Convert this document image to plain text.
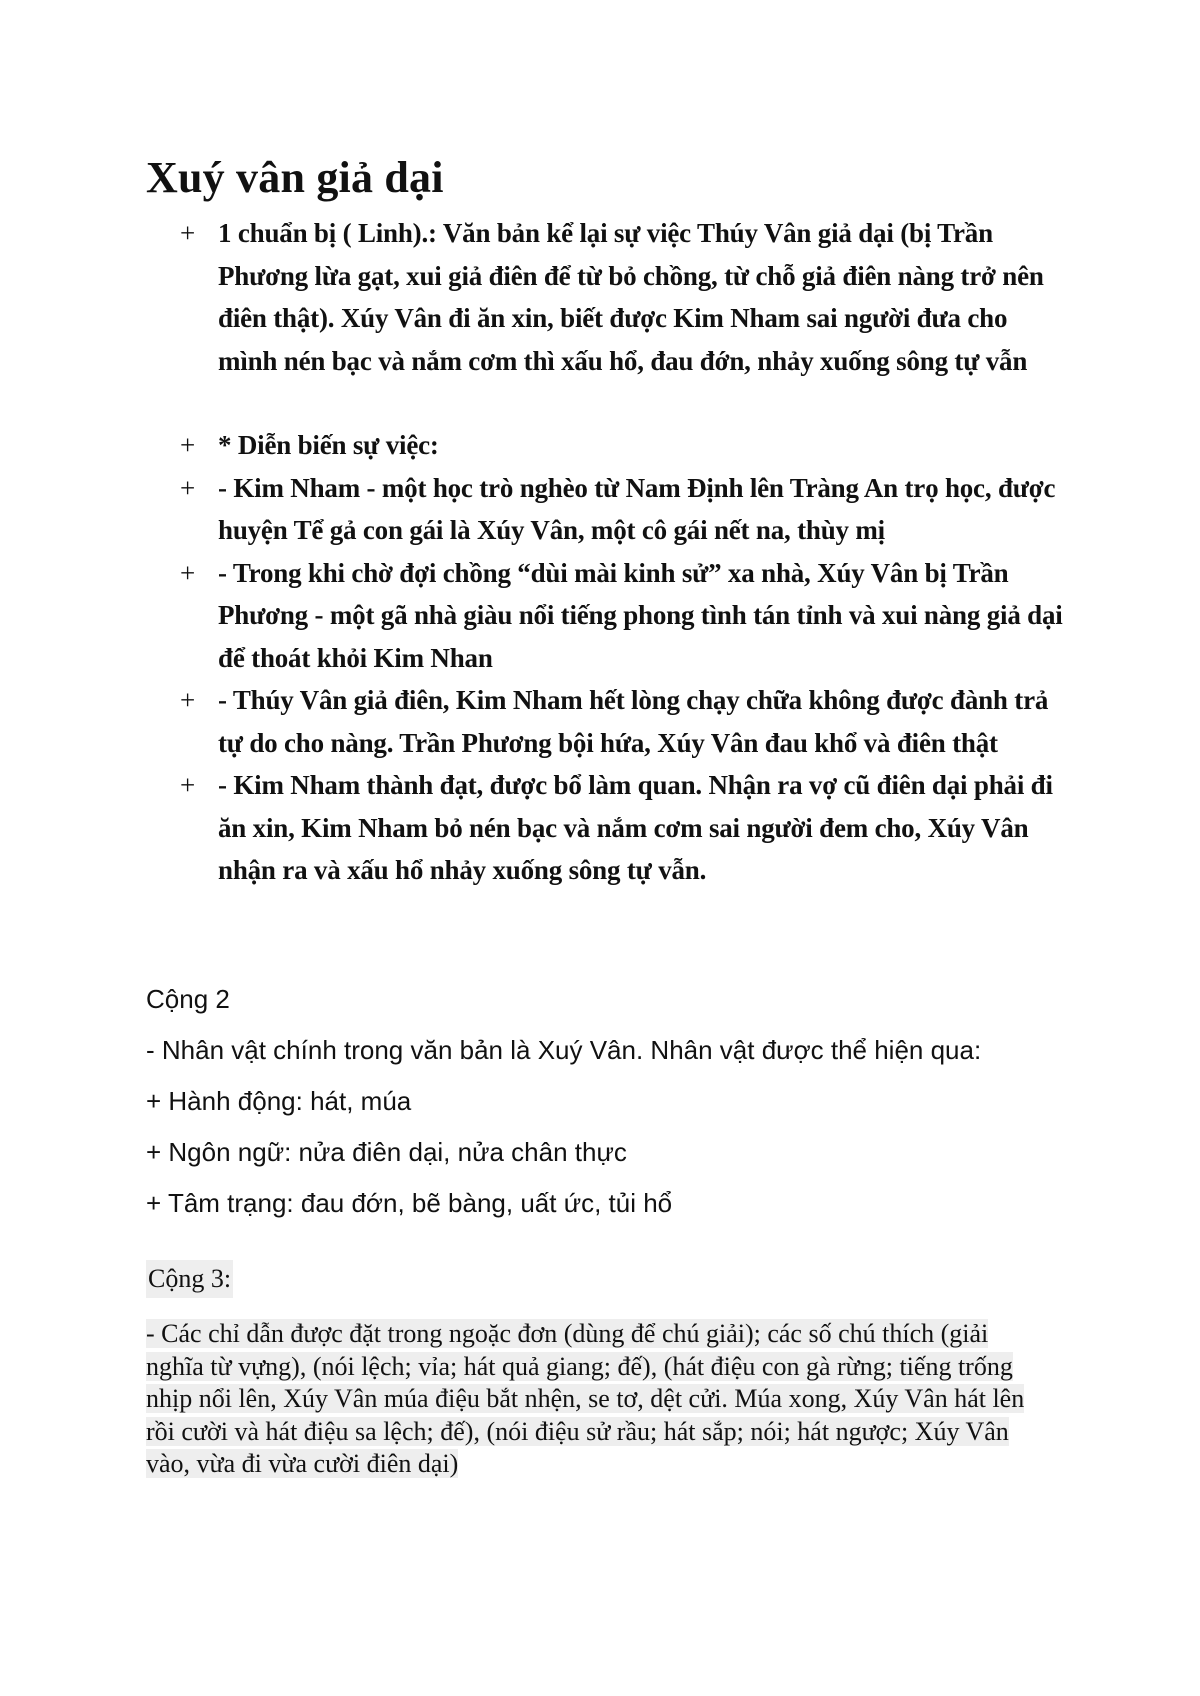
Xuý vân giả dại
+ 1 chuẩn bị ( Linh).: Văn bản kể lại sự việc Thúy Vân giả dại (bị Trần Phương lừa gạt, xui giả điên để từ bỏ chồng, từ chỗ giả điên nàng trở nên điên thật). Xúy Vân đi ăn xin, biết được Kim Nham sai người đưa cho mình nén bạc và nắm cơm thì xấu hổ, đau đớn, nhảy xuống sông tự vẫn
+ * Diễn biến sự việc:
+ - Kim Nham - một học trò nghèo từ Nam Định lên Tràng An trọ học, được huyện Tể gả con gái là Xúy Vân, một cô gái nết na, thùy mị
+ - Trong khi chờ đợi chồng “dùi mài kinh sử” xa nhà, Xúy Vân bị Trần Phương - một gã nhà giàu nổi tiếng phong tình tán tỉnh và xui nàng giả dại để thoát khỏi Kim Nhan
+ - Thúy Vân giả điên, Kim Nham hết lòng chạy chữa không được đành trả tự do cho nàng. Trần Phương bội hứa, Xúy Vân đau khổ và điên thật
+ - Kim Nham thành đạt, được bổ làm quan. Nhận ra vợ cũ điên dại phải đi ăn xin, Kim Nham bỏ nén bạc và nắm cơm sai người đem cho, Xúy Vân nhận ra và xấu hổ nhảy xuống sông tự vẫn.

Cộng 2

- Nhân vật chính trong văn bản là Xuý Vân. Nhân vật được thể hiện qua:

+ Hành động: hát, múa

+ Ngôn ngữ: nửa điên dại, nửa chân thực

+ Tâm trạng: đau đớn, bẽ bàng, uất ức, tủi hổ

Cộng 3:

- Các chỉ dẫn được đặt trong ngoặc đơn (dùng để chú giải); các số chú thích (giải nghĩa từ vựng), (nói lệch; vỉa; hát quả giang; đế), (hát điệu con gà rừng; tiếng trống nhịp nổi lên, Xúy Vân múa điệu bắt nhện, se tơ, dệt cửi. Múa xong, Xúy Vân hát lên rồi cười và hát điệu sa lệch; đế), (nói điệu sử rầu; hát sắp; nói; hát ngược; Xúy Vân vào, vừa đi vừa cười điên dại)
